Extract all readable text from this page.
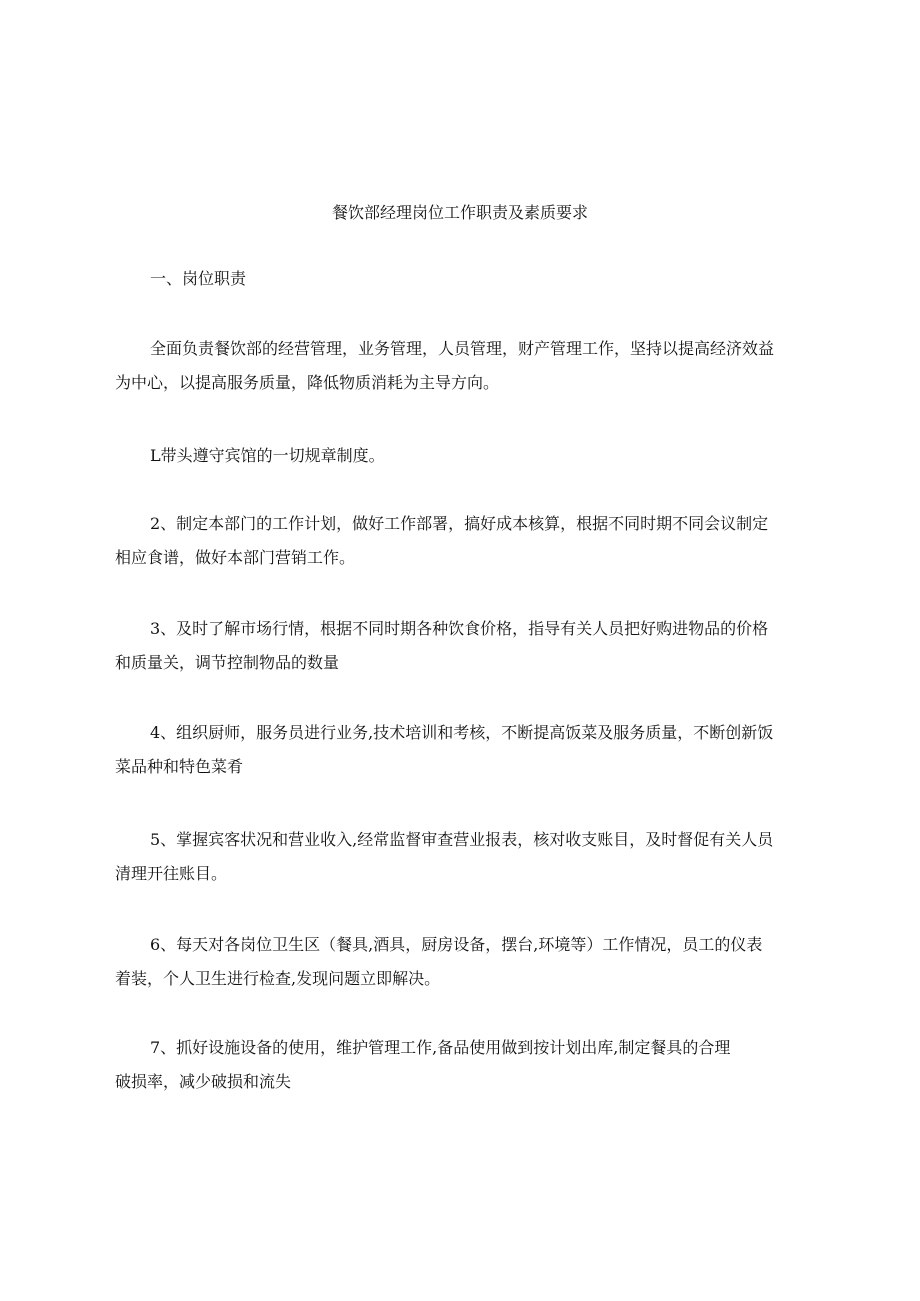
餐饮部经理岗位工作职责及素质要求
一、岗位职责
全面负责餐饮部的经营管理，业务管理，人员管理，财产管理工作，坚持以提高经济效益
为中心，以提高服务质量，降低物质消耗为主导方向。
L带头遵守宾馆的一切规章制度。
2、制定本部门的工作计划，做好工作部署，搞好成本核算，根据不同时期不同会议制定
相应食谱，做好本部门营销工作。
3、及时了解市场行情，根据不同时期各种饮食价格，指导有关人员把好购进物品的价格
和质量关，调节控制物品的数量
4、组织厨师，服务员进行业务,技术培训和考核，不断提高饭菜及服务质量，不断创新饭
菜品种和特色菜肴
5、掌握宾客状况和营业收入,经常监督审查营业报表，核对收支账目，及时督促有关人员
清理开往账目。
6、每天对各岗位卫生区（餐具,酒具，厨房设备，摆台,环境等）工作情况，员工的仪表
着装，个人卫生进行检查,发现问题立即解决。
7、抓好设施设备的使用，维护管理工作,备品使用做到按计划出库,制定餐具的合理
破损率，减少破损和流失
